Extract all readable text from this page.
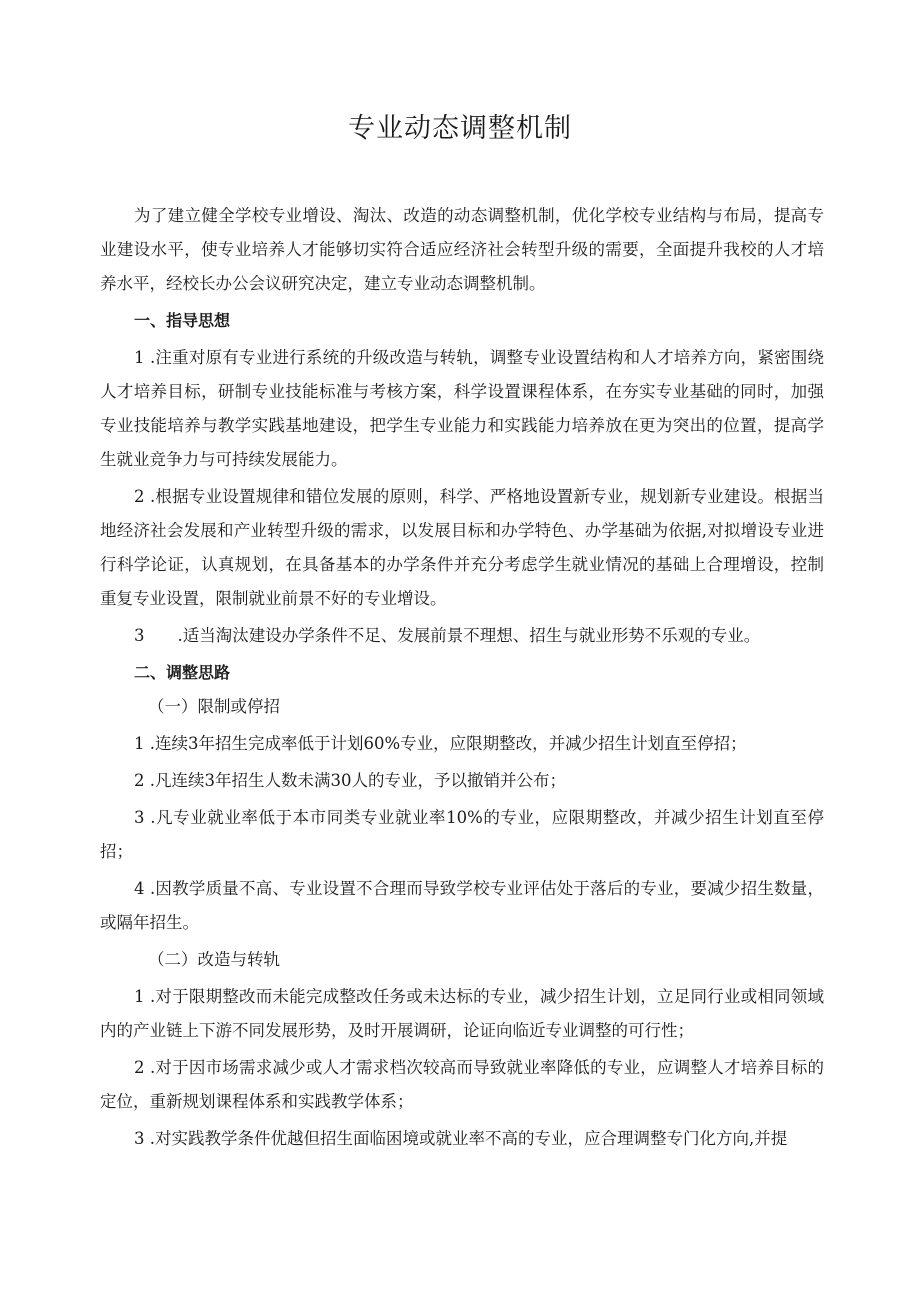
专业动态调整机制

为了建立健全学校专业增设、淘汰、改造的动态调整机制，优化学校专业结构与布局，提高专业建设水平，使专业培养人才能够切实符合适应经济社会转型升级的需要，全面提升我校的人才培养水平，经校长办公会议研究决定，建立专业动态调整机制。

一、指导思想

1 .注重对原有专业进行系统的升级改造与转轨，调整专业设置结构和人才培养方向，紧密围绕人才培养目标，研制专业技能标准与考核方案，科学设置课程体系，在夯实专业基础的同时，加强专业技能培养与教学实践基地建设，把学生专业能力和实践能力培养放在更为突出的位置，提高学生就业竞争力与可持续发展能力。

2 .根据专业设置规律和错位发展的原则，科学、严格地设置新专业，规划新专业建设。根据当地经济社会发展和产业转型升级的需求，以发展目标和办学特色、办学基础为依据,对拟增设专业进行科学论证，认真规划，在具备基本的办学条件并充分考虑学生就业情况的基础上合理增设，控制重复专业设置，限制就业前景不好的专业增设。

3　　.适当淘汰建设办学条件不足、发展前景不理想、招生与就业形势不乐观的专业。

二、调整思路

（一）限制或停招

1 .连续3年招生完成率低于计划60%专业，应限期整改，并减少招生计划直至停招；

2 .凡连续3年招生人数未满30人的专业，予以撤销并公布；

3 .凡专业就业率低于本市同类专业就业率10%的专业，应限期整改，并减少招生计划直至停招；

4 .因教学质量不高、专业设置不合理而导致学校专业评估处于落后的专业，要减少招生数量，或隔年招生。

（二）改造与转轨

1 .对于限期整改而未能完成整改任务或未达标的专业，减少招生计划，立足同行业或相同领域内的产业链上下游不同发展形势，及时开展调研，论证向临近专业调整的可行性；

2 .对于因市场需求减少或人才需求档次较高而导致就业率降低的专业，应调整人才培养目标的定位，重新规划课程体系和实践教学体系；

3 .对实践教学条件优越但招生面临困境或就业率不高的专业，应合理调整专门化方向,并提
